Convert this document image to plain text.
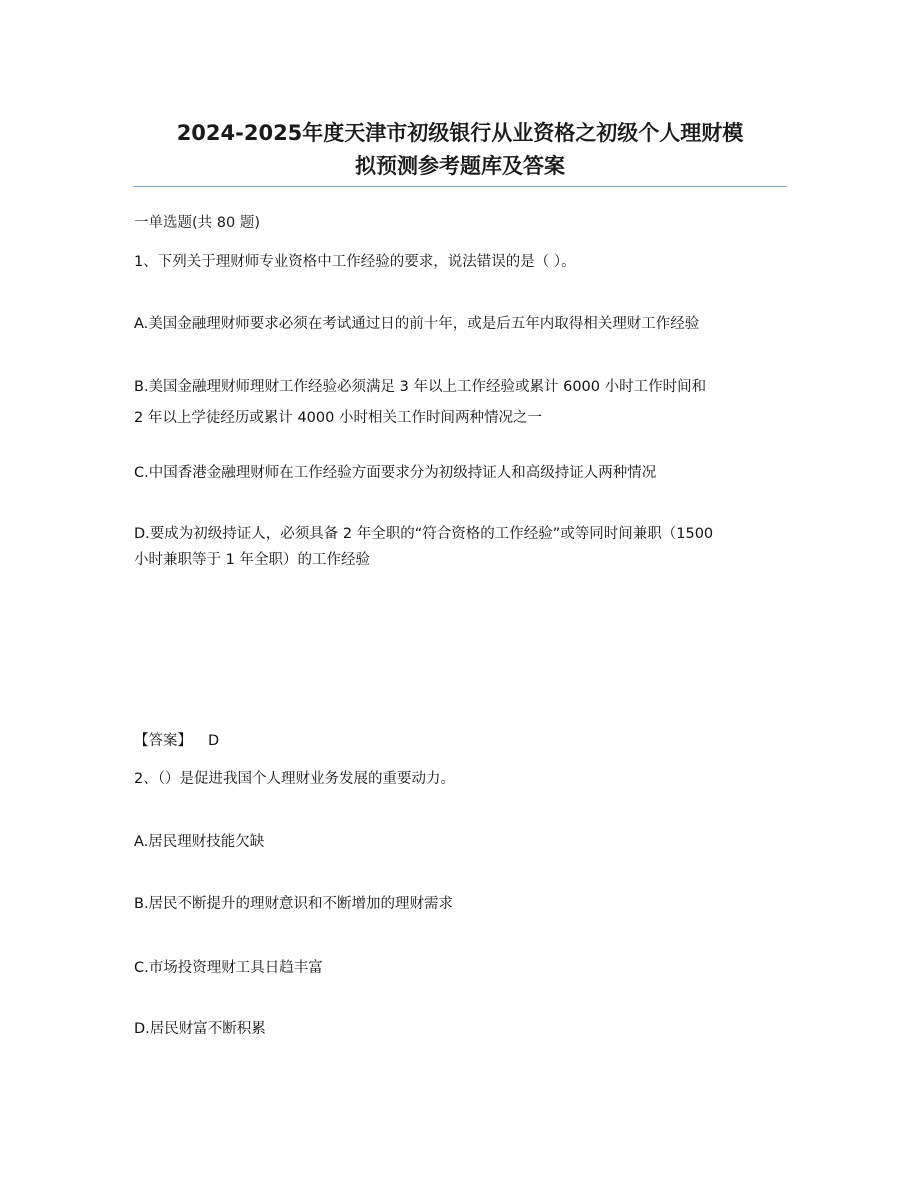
2024-2025年度天津市初级银行从业资格之初级个人理财模
拟预测参考题库及答案

一单选题(共 80 题)

1、下列关于理财师专业资格中工作经验的要求，说法错误的是（ ）。

A.美国金融理财师要求必须在考试通过日的前十年，或是后五年内取得相关理财工作经验

B.美国金融理财师理财工作经验必须满足 3 年以上工作经验或累计 6000 小时工作时间和

2 年以上学徒经历或累计 4000 小时相关工作时间两种情况之一

C.中国香港金融理财师在工作经验方面要求分为初级持证人和高级持证人两种情况

D.要成为初级持证人，必须具备 2 年全职的“符合资格的工作经验”或等同时间兼职（1500

小时兼职等于 1 年全职）的工作经验

【答案】 D

2、（）是促进我国个人理财业务发展的重要动力。

A.居民理财技能欠缺

B.居民不断提升的理财意识和不断增加的理财需求

C.市场投资理财工具日趋丰富

D.居民财富不断积累
